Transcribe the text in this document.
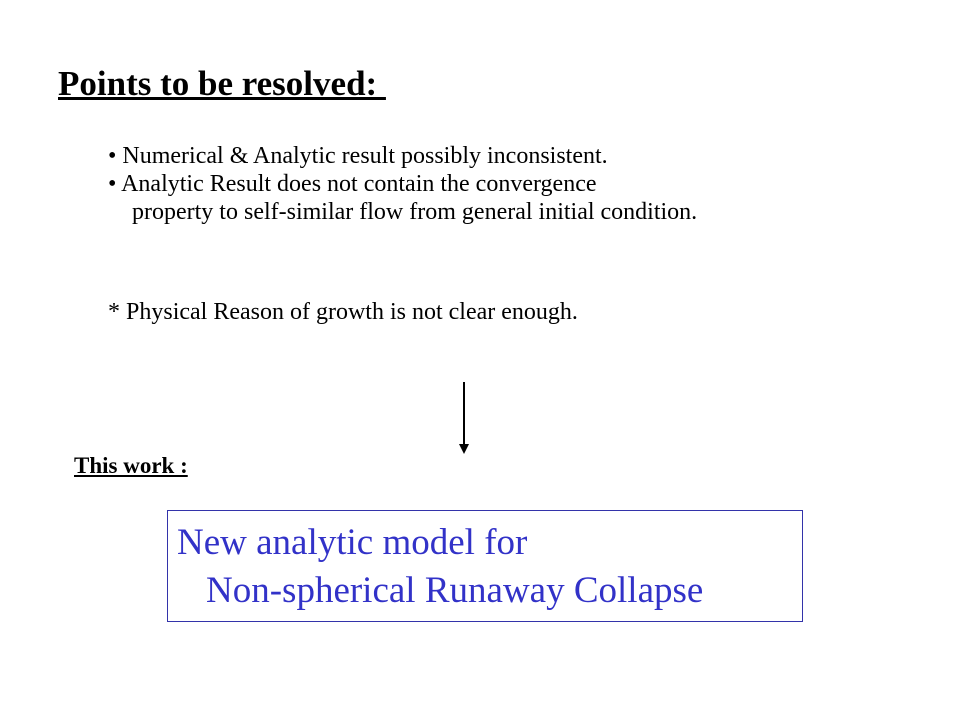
Points to be resolved:

• Numerical & Analytic result possibly inconsistent.

• Analytic Result does not contain the convergence

property to self-similar flow from general initial condition.

* Physical Reason of growth is not clear enough.
This work :
New analytic model for
Non-spherical Runaway Collapse
